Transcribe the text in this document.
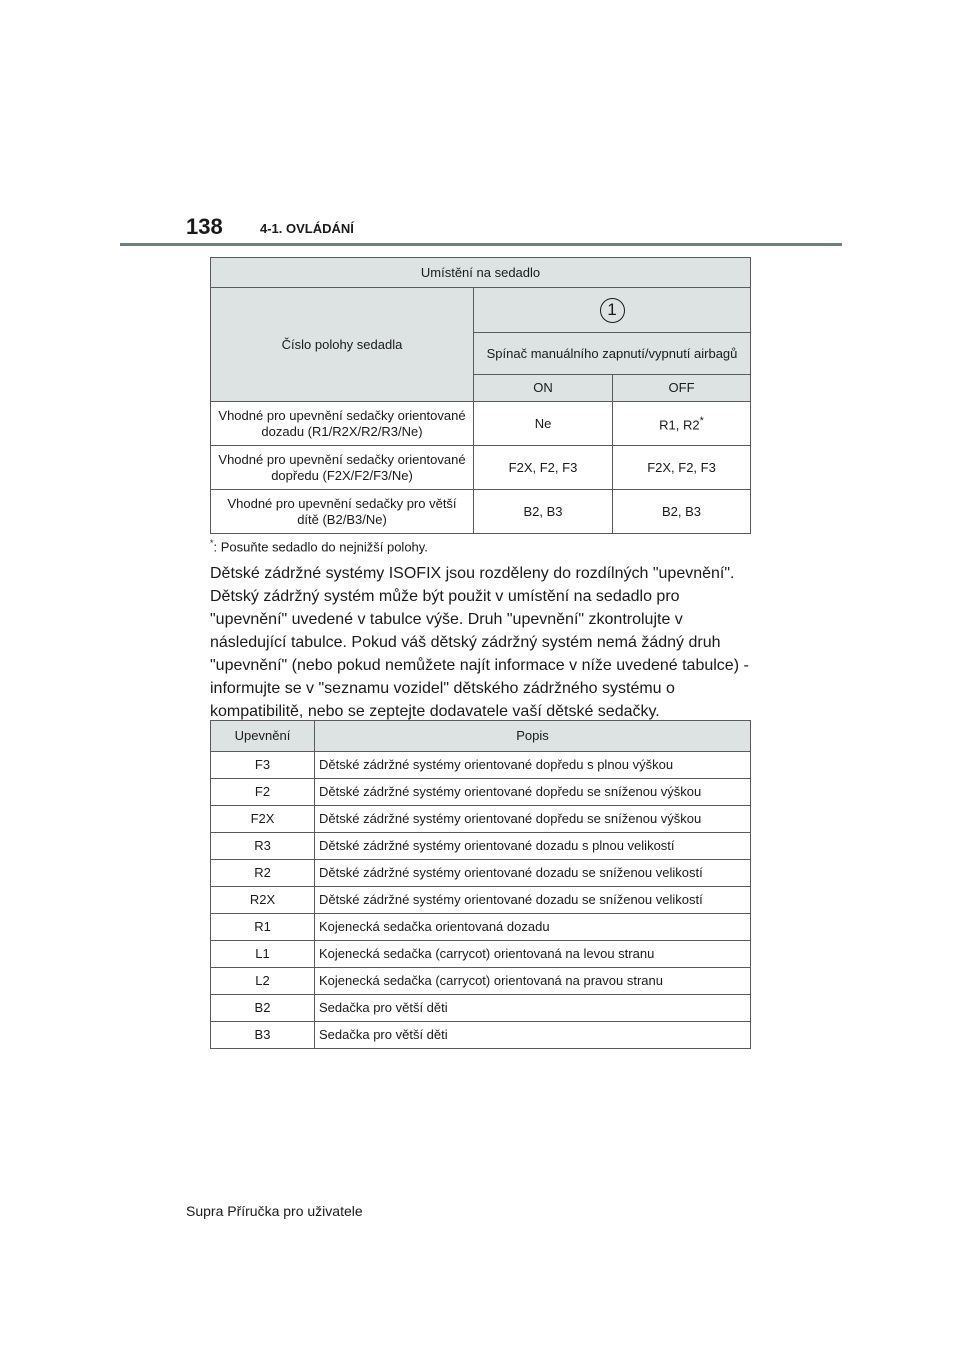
138	4-1. OVLÁDÁNÍ
Umístění na sedadlo		
Číslo polohy sedadla	1	
	Spínač manuálního zapnutí/vypnutí airbagů	
	ON	OFF
Vhodné pro upevnění sedačky orientované dozadu (R1/R2X/R2/R3/Ne)	Ne	R1, R2*
Vhodné pro upevnění sedačky orientované dopředu (F2X/F2/F3/Ne)	F2X, F2, F3	F2X, F2, F3
Vhodné pro upevnění sedačky pro větší dítě (B2/B3/Ne)	B2, B3	B2, B3
*: Posuňte sedadlo do nejnižší polohy.
Dětské zádržné systémy ISOFIX jsou rozděleny do rozdílných "upevnění". Dětský zádržný systém může být použit v umístění na sedadlo pro "upevnění" uvedené v tabulce výše. Druh "upevnění" zkontrolujte v následující tabulce. Pokud váš dětský zádržný systém nemá žádný druh "upevnění" (nebo pokud nemůžete najít informace v níže uvedené tabulce) - informujte se v "seznamu vozidel" dětského zádržného systému o kompatibilitě, nebo se zeptejte dodavatele vaší dětské sedačky.
Upevnění	Popis
F3	Dětské zádržné systémy orientované dopředu s plnou výškou
F2	Dětské zádržné systémy orientované dopředu se sníženou výškou
F2X	Dětské zádržné systémy orientované dopředu se sníženou výškou
R3	Dětské zádržné systémy orientované dozadu s plnou velikostí
R2	Dětské zádržné systémy orientované dozadu se sníženou velikostí
R2X	Dětské zádržné systémy orientované dozadu se sníženou velikostí
R1	Kojenecká sedačka orientovaná dozadu
L1	Kojenecká sedačka (carrycot) orientovaná na levou stranu
L2	Kojenecká sedačka (carrycot) orientovaná na pravou stranu
B2	Sedačka pro větší děti
B3	Sedačka pro větší děti
Supra Příručka pro uživatele
